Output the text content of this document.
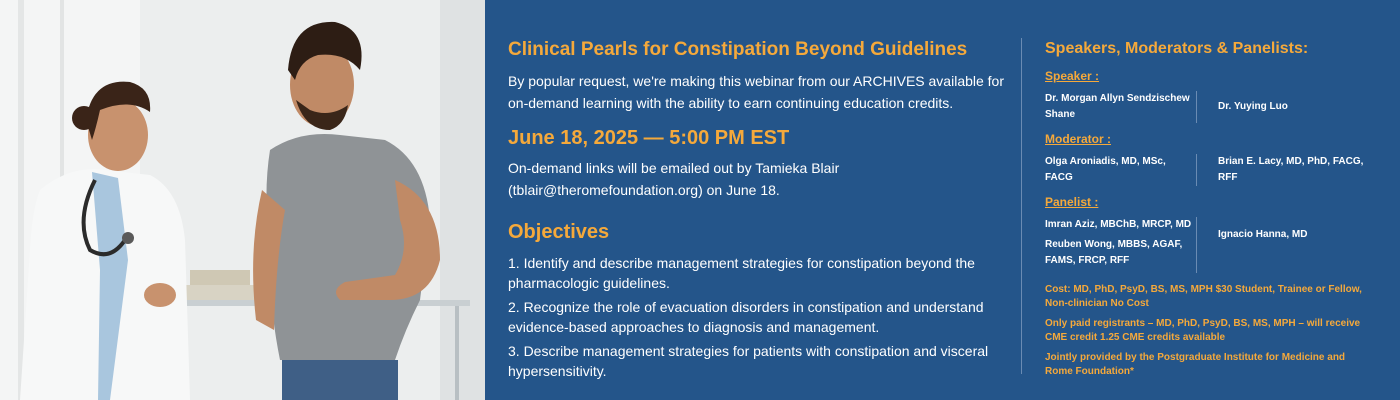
Clinical Pearls for Constipation Beyond Guidelines
By popular request, we're making this webinar from our ARCHIVES available for on-demand learning with the ability to earn continuing education credits.
June 18, 2025 — 5:00 PM EST
On-demand links will be emailed out by Tamieka Blair (tblair@theromefoundation.org) on June 18.
Objectives
1. Identify and describe management strategies for constipation beyond the pharmacologic guidelines.
2. Recognize the role of evacuation disorders in constipation and understand evidence-based approaches to diagnosis and management.
3. Describe management strategies for patients with constipation and visceral hypersensitivity.
Speakers, Moderators & Panelists:
Speaker :
Dr. Morgan Allyn Sendzischew Shane
Dr. Yuying Luo
Moderator :
Olga Aroniadis, MD, MSc, FACG
Brian E. Lacy, MD, PhD, FACG, RFF
Panelist :
Imran Aziz, MBChB, MRCP, MD
Reuben Wong, MBBS, AGAF, FAMS, FRCP, RFF
Ignacio Hanna, MD
Cost: MD, PhD, PsyD, BS, MS, MPH $30 Student, Trainee or Fellow, Non-clinician No Cost
Only paid registrants – MD, PhD, PsyD, BS, MS, MPH – will receive CME credit 1.25 CME credits available
Jointly provided by the Postgraduate Institute for Medicine and Rome Foundation*
